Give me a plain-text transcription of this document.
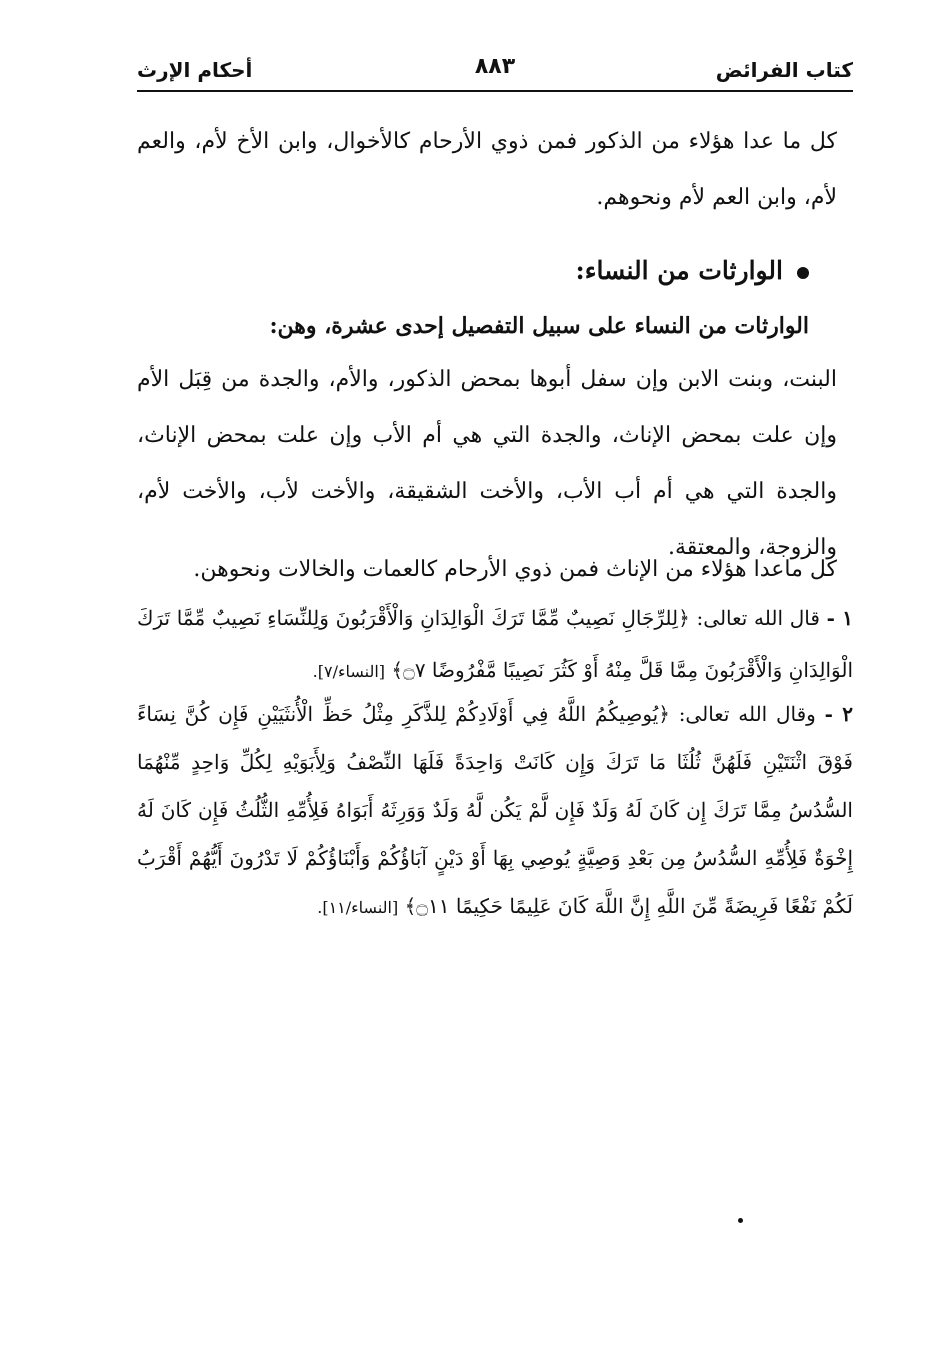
كتاب الفرائض
٨٨٣
أحكام الإرث
كل ما عدا هؤلاء من الذكور فمن ذوي الأرحام كالأخوال، وابن الأخ لأم، والعم لأم، وابن العم لأم ونحوهم.
الوارثات من النساء:
الوارثات من النساء على سبيل التفصيل إحدى عشرة، وهن:
البنت، وبنت الابن وإن سفل أبوها بمحض الذكور، والأم، والجدة من قِبَل الأم وإن علت بمحض الإناث، والجدة التي هي أم الأب وإن علت بمحض الإناث، والجدة التي هي أم أب الأب، والأخت الشقيقة، والأخت لأب، والأخت لأم، والزوجة، والمعتقة.
كل ماعدا هؤلاء من الإناث فمن ذوي الأرحام كالعمات والخالات ونحوهن.
١ - قال الله تعالى: ﴿لِلرِّجَالِ نَصِيبٌ مِّمَّا تَرَكَ الْوَالِدَانِ وَالْأَقْرَبُونَ وَلِلنِّسَاءِ نَصِيبٌ مِّمَّا تَرَكَ الْوَالِدَانِ وَالْأَقْرَبُونَ مِمَّا قَلَّ مِنْهُ أَوْ كَثُرَ نَصِيبًا مَّفْرُوضًا ۝٧﴾ [النساء/٧].
٢ - وقال الله تعالى: ﴿يُوصِيكُمُ اللَّهُ فِي أَوْلَادِكُمْ لِلذَّكَرِ مِثْلُ حَظِّ الْأُنثَيَيْنِ فَإِن كُنَّ نِسَاءً فَوْقَ اثْنَتَيْنِ فَلَهُنَّ ثُلُثَا مَا تَرَكَ وَإِن كَانَتْ وَاحِدَةً فَلَهَا النِّصْفُ وَلِأَبَوَيْهِ لِكُلِّ وَاحِدٍ مِّنْهُمَا السُّدُسُ مِمَّا تَرَكَ إِن كَانَ لَهُ وَلَدٌ فَإِن لَّمْ يَكُن لَّهُ وَلَدٌ وَوَرِثَهُ أَبَوَاهُ فَلِأُمِّهِ الثُّلُثُ فَإِن كَانَ لَهُ إِخْوَةٌ فَلِأُمِّهِ السُّدُسُ مِن بَعْدِ وَصِيَّةٍ يُوصِي بِهَا أَوْ دَيْنٍ آبَاؤُكُمْ وَأَبْنَاؤُكُمْ لَا تَدْرُونَ أَيُّهُمْ أَقْرَبُ لَكُمْ نَفْعًا فَرِيضَةً مِّنَ اللَّهِ إِنَّ اللَّهَ كَانَ عَلِيمًا حَكِيمًا ۝١١﴾ [النساء/١١].
